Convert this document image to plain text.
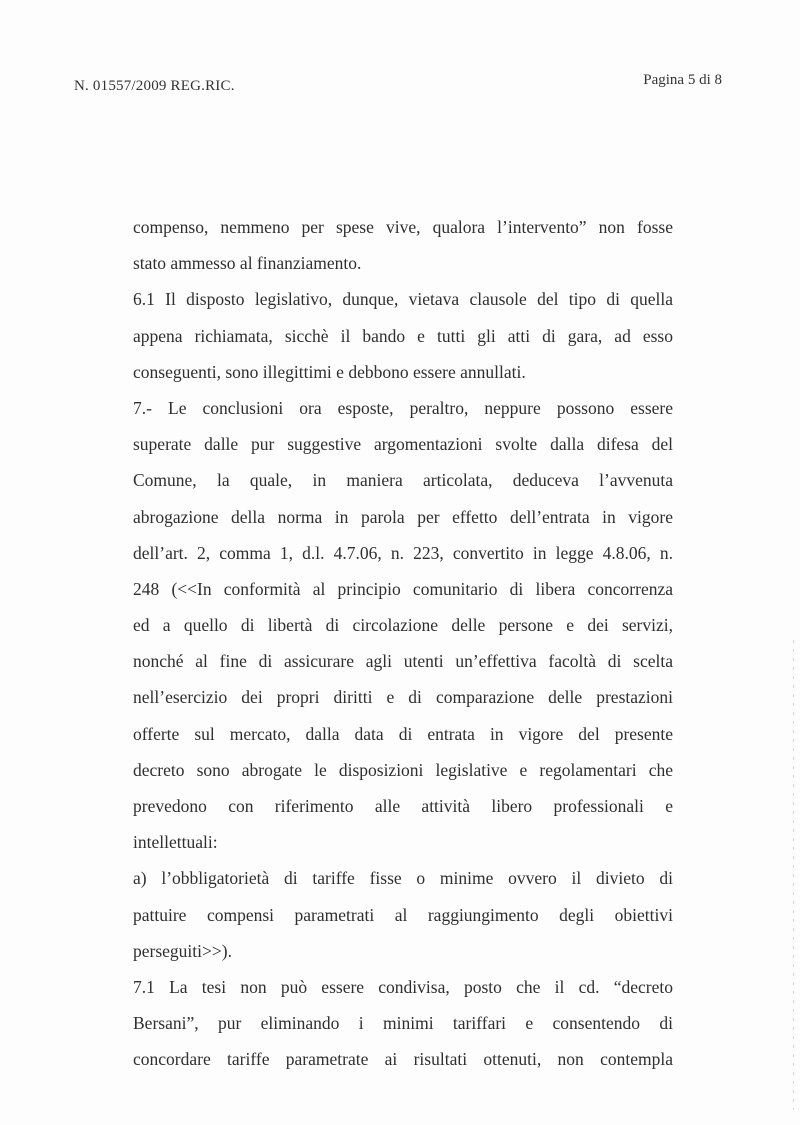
N. 01557/2009 REG.RIC.	Pagina 5 di 8
compenso, nemmeno per spese vive, qualora l’intervento” non fosse
stato ammesso al finanziamento.
6.1 Il disposto legislativo, dunque, vietava clausole del tipo di quella
appena richiamata, sicchè il bando e tutti gli atti di gara, ad esso
conseguenti, sono illegittimi e debbono essere annullati.
7.- Le conclusioni ora esposte, peraltro, neppure possono essere
superate dalle pur suggestive argomentazioni svolte dalla difesa del
Comune, la quale, in maniera articolata, deduceva l’avvenuta
abrogazione della norma in parola per effetto dell’entrata in vigore
dell’art. 2, comma 1, d.l. 4.7.06, n. 223, convertito in legge 4.8.06, n.
248 (<<In conformità al principio comunitario di libera concorrenza
ed a quello di libertà di circolazione delle persone e dei servizi,
nonché al fine di assicurare agli utenti un’effettiva facoltà di scelta
nell’esercizio dei propri diritti e di comparazione delle prestazioni
offerte sul mercato, dalla data di entrata in vigore del presente
decreto sono abrogate le disposizioni legislative e regolamentari che
prevedono con riferimento alle attività libero professionali e
intellettuali:
a) l’obbligatorietà di tariffe fisse o minime ovvero il divieto di
pattuire compensi parametrati al raggiungimento degli obiettivi
perseguiti>>).
7.1 La tesi non può essere condivisa, posto che il cd. “decreto
Bersani”, pur eliminando i minimi tariffari e consentendo di
concordare tariffe parametrate ai risultati ottenuti, non contempla
